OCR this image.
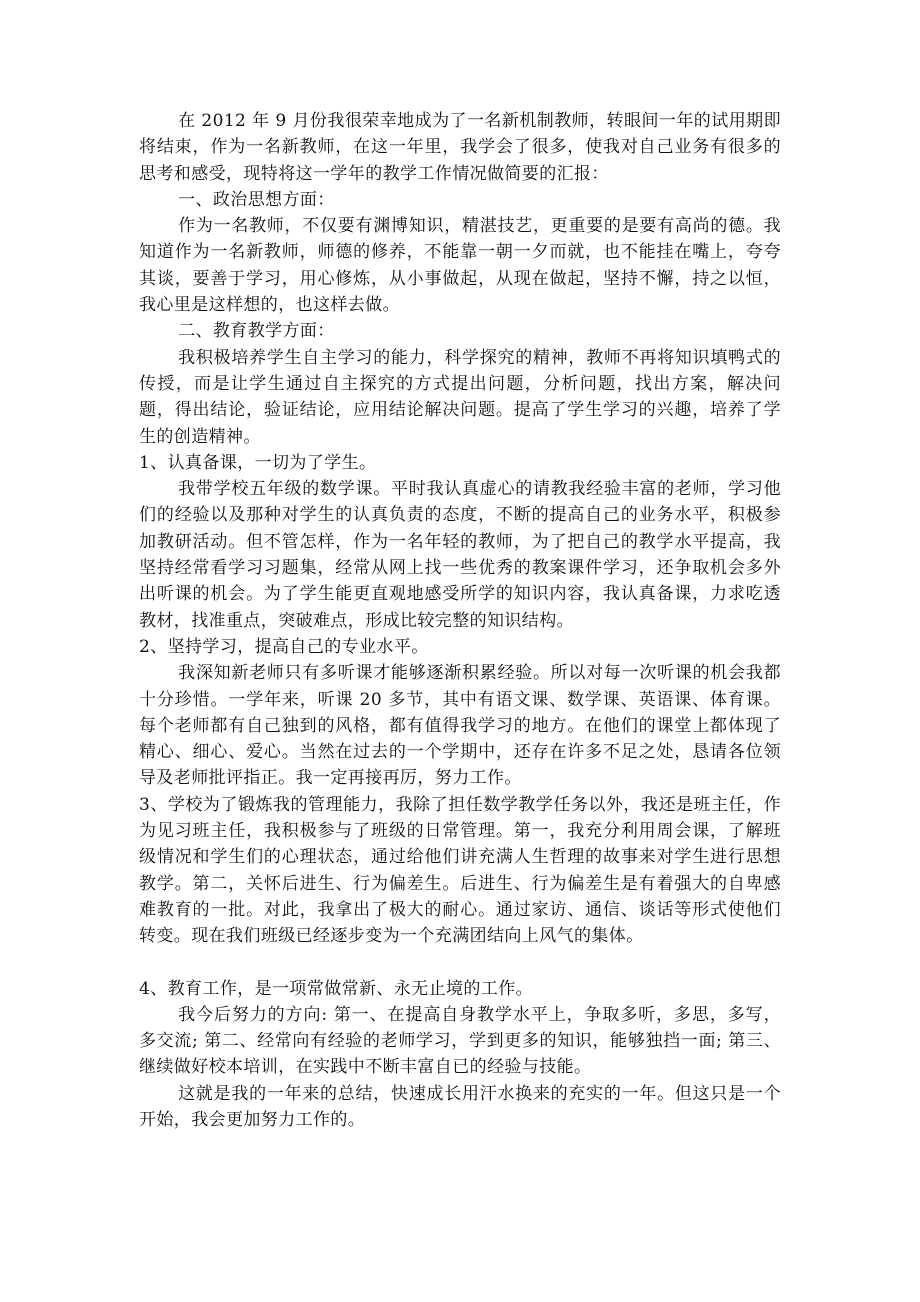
在 2012 年 9 月份我很荣幸地成为了一名新机制教师，转眼间一年的试用期即将结束，作为一名新教师，在这一年里，我学会了很多，使我对自己业务有很多的思考和感受，现特将这一学年的教学工作情况做简要的汇报：

一、政治思想方面：

作为一名教师，不仅要有渊博知识，精湛技艺，更重要的是要有高尚的德。我知道作为一名新教师，师德的修养，不能靠一朝一夕而就，也不能挂在嘴上，夸夸其谈，要善于学习，用心修炼，从小事做起，从现在做起，坚持不懈，持之以恒，我心里是这样想的，也这样去做。

二、教育教学方面：

我积极培养学生自主学习的能力，科学探究的精神，教师不再将知识填鸭式的传授，而是让学生通过自主探究的方式提出问题，分析问题，找出方案，解决问题，得出结论，验证结论，应用结论解决问题。提高了学生学习的兴趣，培养了学生的创造精神。

1、认真备课，一切为了学生。

我带学校五年级的数学课。平时我认真虚心的请教我经验丰富的老师，学习他们的经验以及那种对学生的认真负责的态度，不断的提高自己的业务水平，积极参加教研活动。但不管怎样，作为一名年轻的教师，为了把自己的教学水平提高，我坚持经常看学习习题集，经常从网上找一些优秀的教案课件学习，还争取机会多外出听课的机会。为了学生能更直观地感受所学的知识内容，我认真备课，力求吃透教材，找准重点，突破难点，形成比较完整的知识结构。

2、坚持学习，提高自己的专业水平。

我深知新老师只有多听课才能够逐渐积累经验。所以对每一次听课的机会我都十分珍惜。一学年来，听课 20 多节，其中有语文课、数学课、英语课、体育课。每个老师都有自己独到的风格，都有值得我学习的地方。在他们的课堂上都体现了精心、细心、爱心。当然在过去的一个学期中，还存在许多不足之处，恳请各位领导及老师批评指正。我一定再接再厉，努力工作。

3、学校为了锻炼我的管理能力，我除了担任数学教学任务以外，我还是班主任，作为见习班主任，我积极参与了班级的日常管理。第一，我充分利用周会课，了解班级情况和学生们的心理状态，通过给他们讲充满人生哲理的故事来对学生进行思想教学。第二，关怀后进生、行为偏差生。后进生、行为偏差生是有着强大的自卑感难教育的一批。对此，我拿出了极大的耐心。通过家访、通信、谈话等形式使他们转变。现在我们班级已经逐步变为一个充满团结向上风气的集体。

4、教育工作，是一项常做常新、永无止境的工作。

我今后努力的方向: 第一、在提高自身教学水平上，争取多听，多思，多写，多交流; 第二、经常向有经验的老师学习，学到更多的知识，能够独挡一面; 第三、继续做好校本培训，在实践中不断丰富自已的经验与技能。

这就是我的一年来的总结，快速成长用汗水换来的充实的一年。但这只是一个开始，我会更加努力工作的。
